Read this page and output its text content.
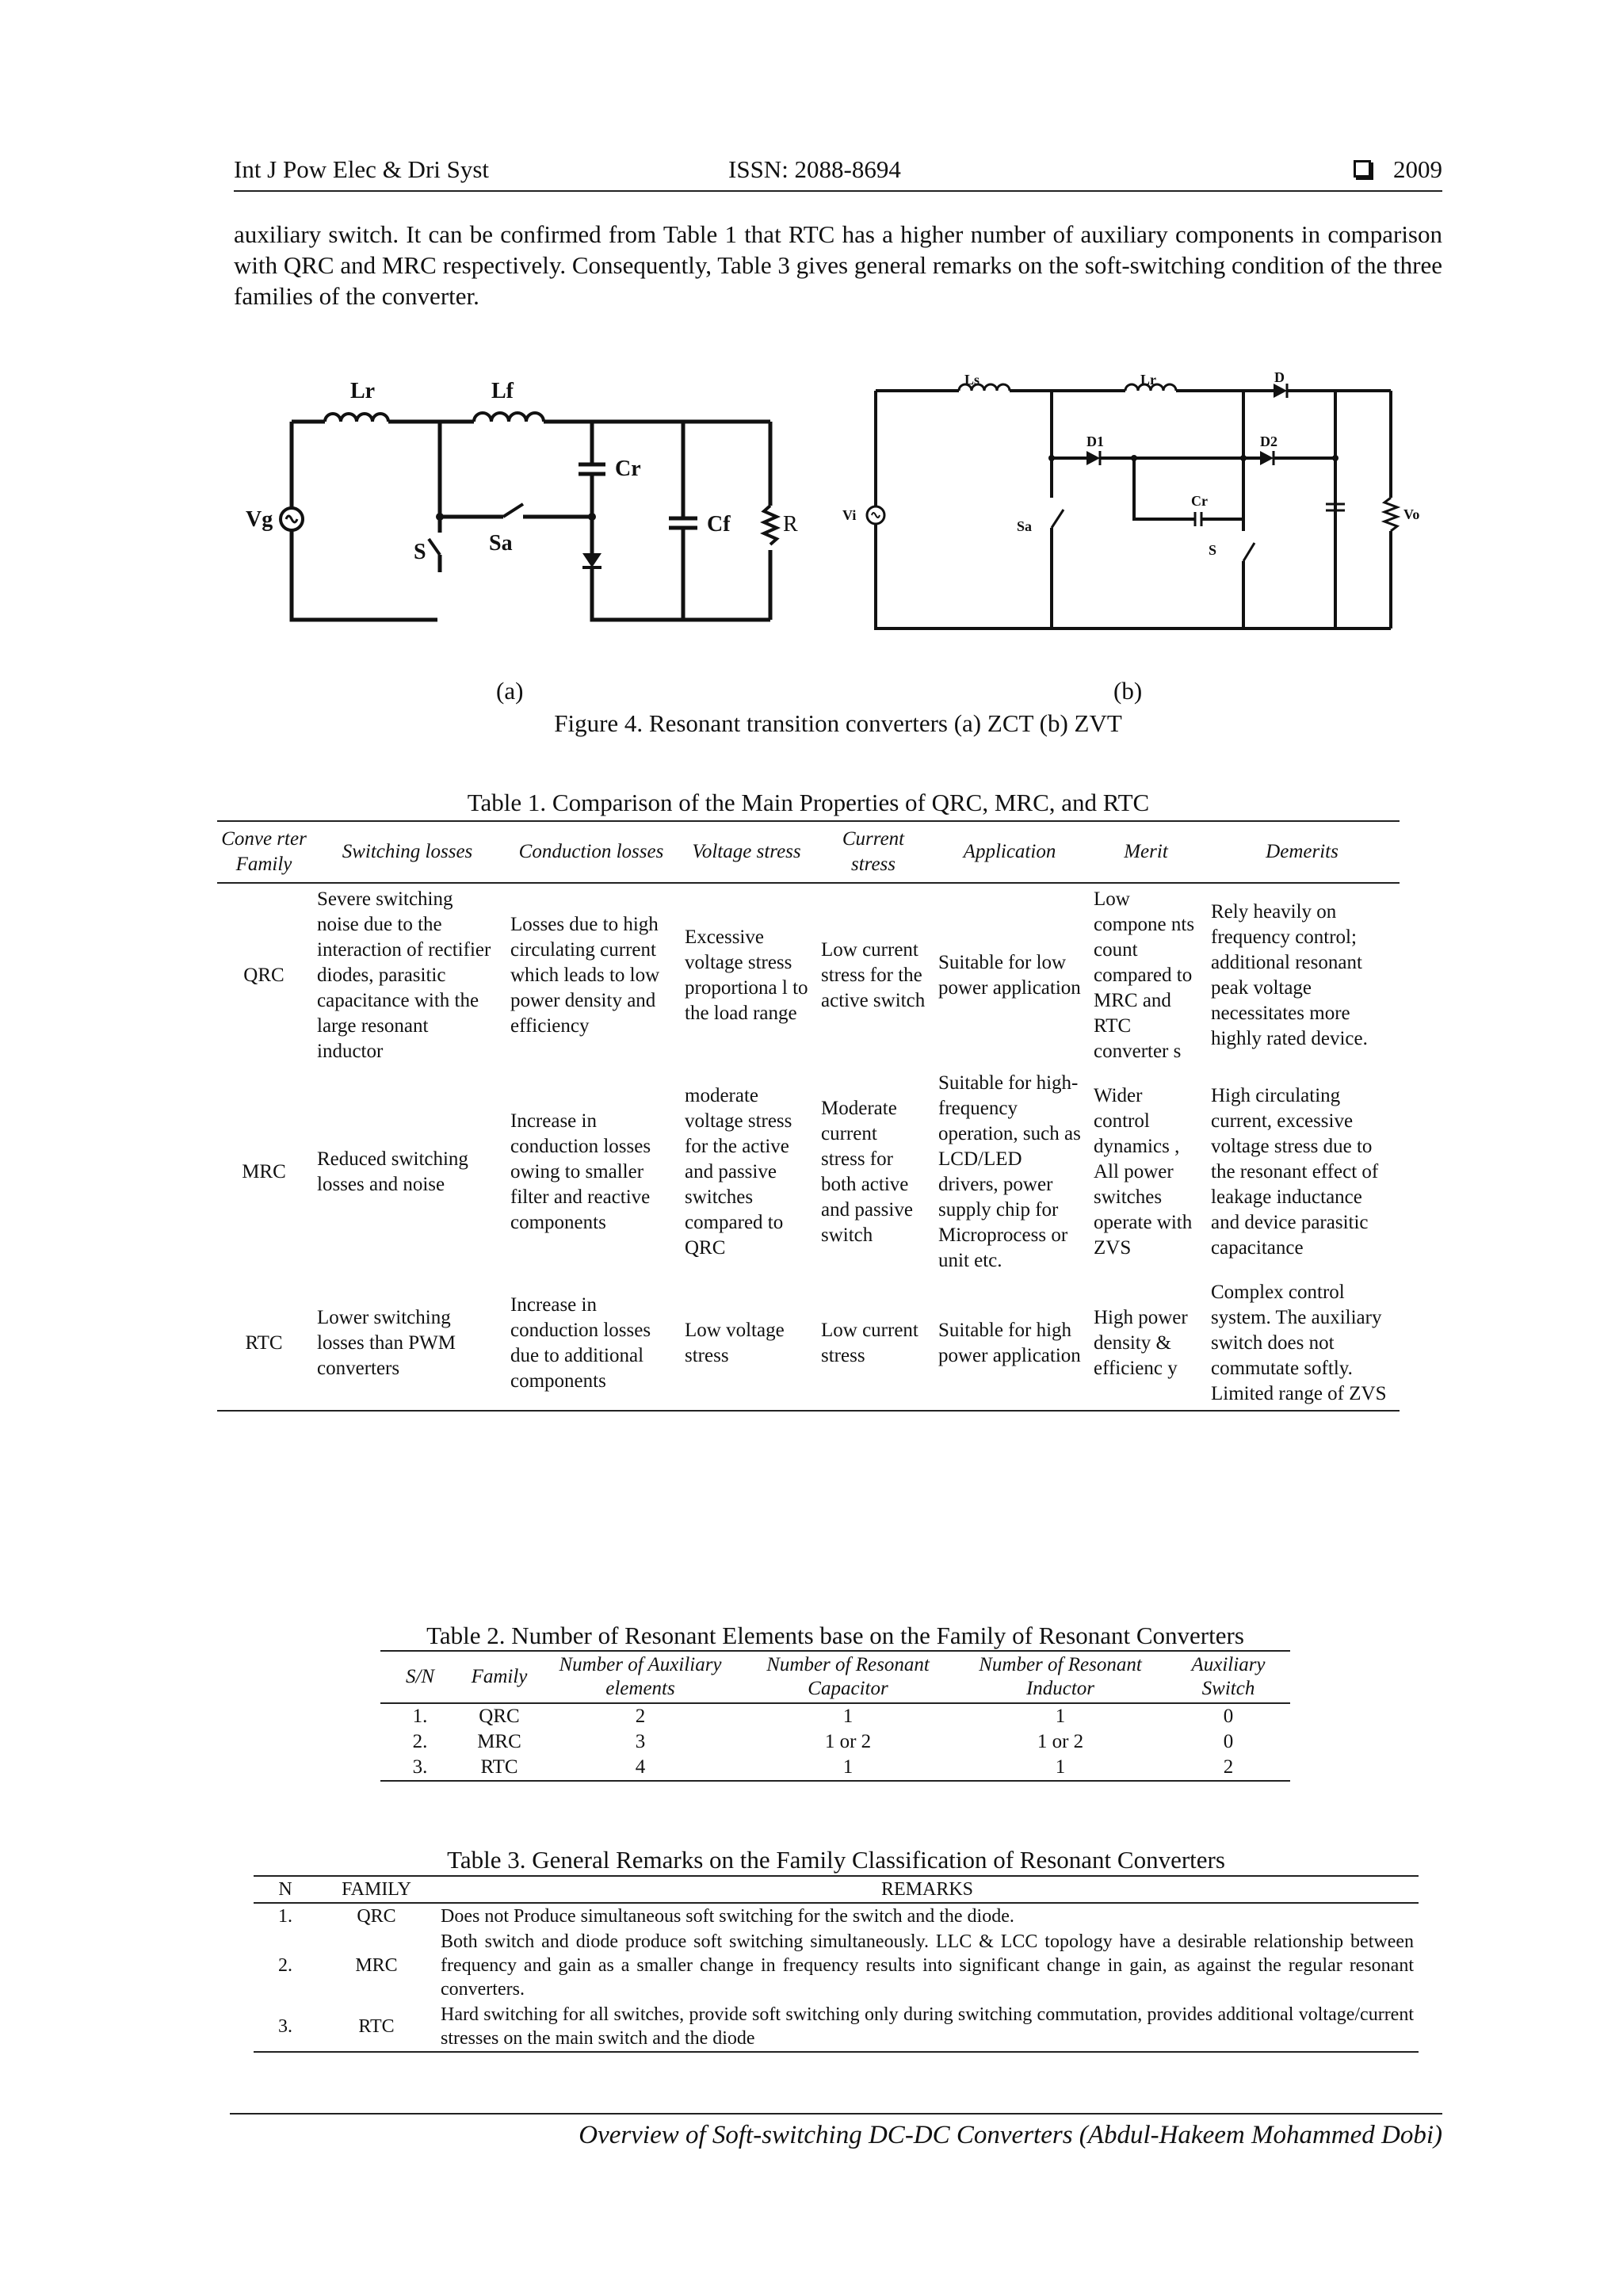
Int J Pow Elec & Dri Syst	ISSN: 2088-8694	2009
auxiliary switch. It can be confirmed from Table 1 that RTC has a higher number of auxiliary components in comparison with QRC and MRC respectively. Consequently, Table 3 gives general remarks on the soft-switching condition of the three families of the converter.
Lr	Lf
Cr
Vg
S	Sa
Cf R
Ls	Lr	D
D1	D2
Cr
Vi
Sa
S
Vo
(a)	(b)
Figure 4. Resonant transition converters (a) ZCT (b) ZVT
Table 1. Comparison of the Main Properties of QRC, MRC, and RTC
Conve rter Family	Switching losses	Conduction losses	Voltage stress	Current stress	Application	Merit	Demerits
QRC	Severe switching noise due to the interaction of rectifier diodes, parasitic capacitance with the large resonant inductor	Losses due to high circulating current which leads to low power density and efficiency	Excessive voltage stress proportiona l to the load range	Low current stress for the active switch	Suitable for low power application	Low compone nts count compared to MRC and RTC converter s	Rely heavily on frequency control; additional resonant peak voltage necessitates more highly rated device.
MRC	Reduced switching losses and noise	Increase in conduction losses owing to smaller filter and reactive components	moderate voltage stress for the active and passive switches compared to QRC	Moderate current stress for both active and passive switch	Suitable for high-frequency operation, such as LCD/LED drivers, power supply chip for Microprocess or unit etc.	Wider control dynamics , All power switches operate with ZVS	High circulating current, excessive voltage stress due to the resonant effect of leakage inductance and device parasitic capacitance
RTC	Lower switching losses than PWM converters	Increase in conduction losses due to additional components	Low voltage stress	Low current stress	Suitable for high power application	High power density & efficienc y	Complex control system. The auxiliary switch does not commutate softly. Limited range of ZVS
Table 2. Number of Resonant Elements base on the Family of Resonant Converters
S/N	Family	Number of Auxiliary elements	Number of Resonant Capacitor	Number of Resonant Inductor	Auxiliary Switch
1.	QRC	2	1	1	0
2.	MRC	3	1 or 2	1 or 2	0
3.	RTC	4	1	1	2
Table 3. General Remarks on the Family Classification of Resonant Converters
N	FAMILY	REMARKS
1.	QRC	Does not Produce simultaneous soft switching for the switch and the diode.
2.	MRC	Both switch and diode produce soft switching simultaneously. LLC & LCC topology have a desirable relationship between frequency and gain as a smaller change in frequency results into significant change in gain, as against the regular resonant converters.
3.	RTC	Hard switching for all switches, provide soft switching only during switching commutation, provides additional voltage/current stresses on the main switch and the diode
Overview of Soft-switching DC-DC Converters (Abdul-Hakeem Mohammed Dobi)
